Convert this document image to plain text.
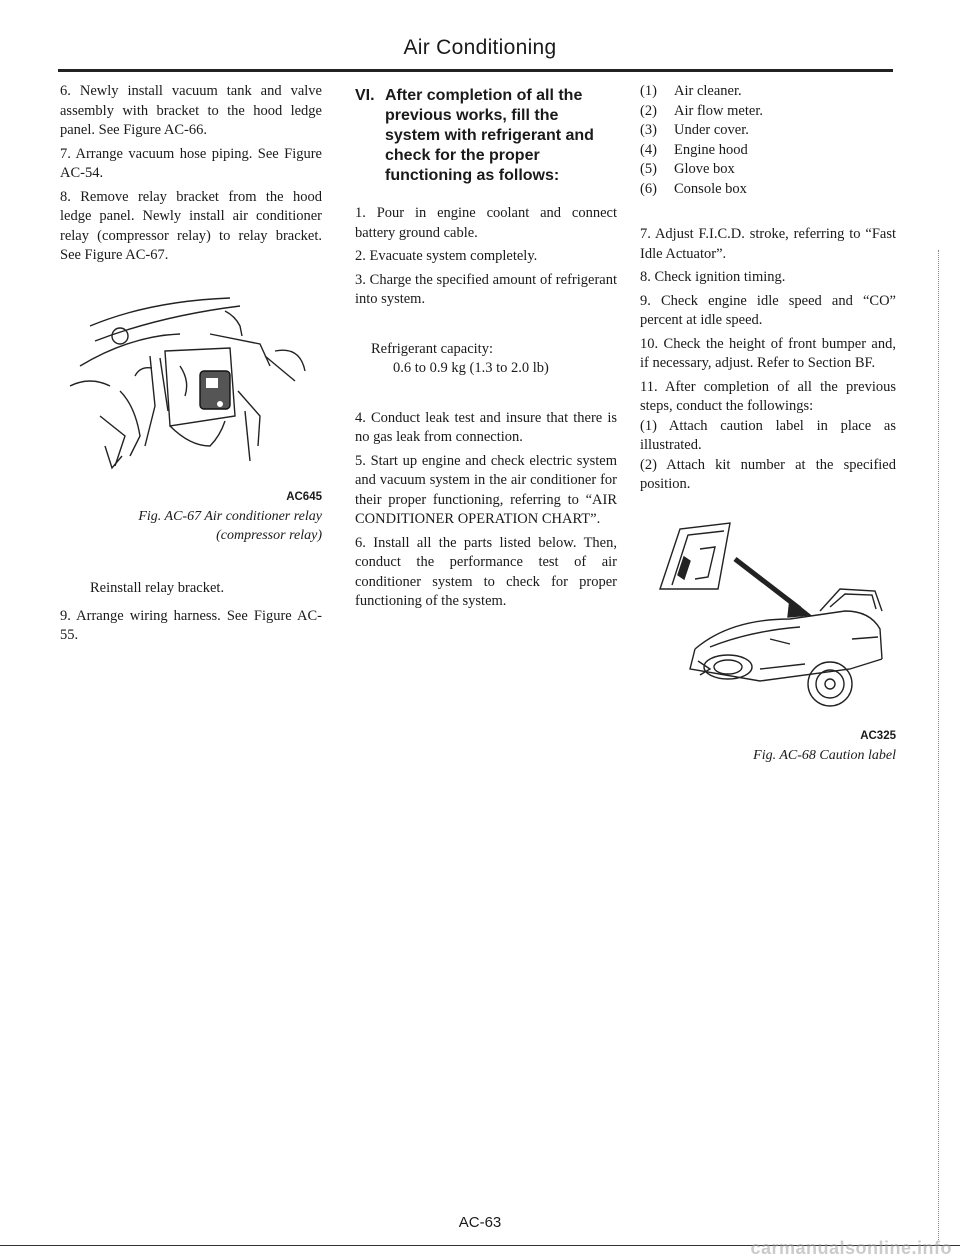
Air Conditioning

6. Newly install vacuum tank and valve assembly with bracket to the hood ledge panel. See Figure AC-66.

7. Arrange vacuum hose piping. See Figure AC-54.

8. Remove relay bracket from the hood ledge panel. Newly install air conditioner relay (compressor relay) to relay bracket. See Figure AC-67.

AC645
Fig. AC-67 Air conditioner relay
(compressor relay)

Reinstall relay bracket.

9. Arrange wiring harness. See Figure AC-55.

VI. After completion of all the previous works, fill the system with refrigerant and check for the proper functioning as follows:

1. Pour in engine coolant and connect battery ground cable.

2. Evacuate system completely.

3. Charge the specified amount of refrigerant into system.

Refrigerant capacity:
0.6 to 0.9 kg (1.3 to 2.0 lb)

4. Conduct leak test and insure that there is no gas leak from connection.

5. Start up engine and check electric system and vacuum system in the air conditioner for their proper functioning, referring to “AIR CONDITIONER OPERATION CHART”.

6. Install all the parts listed below. Then, conduct the performance test of air conditioner system to check for proper functioning of the system.

(1)	Air cleaner.
(2)	Air flow meter.
(3)	Under cover.
(4)	Engine hood
(5)	Glove box
(6)	Console box

7. Adjust F.I.C.D. stroke, referring to “Fast Idle Actuator”.

8. Check ignition timing.

9. Check engine idle speed and “CO” percent at idle speed.

10. Check the height of front bumper and, if necessary, adjust. Refer to Section BF.

11. After completion of all the previous steps, conduct the followings:

(1) Attach caution label in place as illustrated.

(2) Attach kit number at the specified position.

AC325
Fig. AC-68 Caution label
AC-63
carmanualsonline.info
